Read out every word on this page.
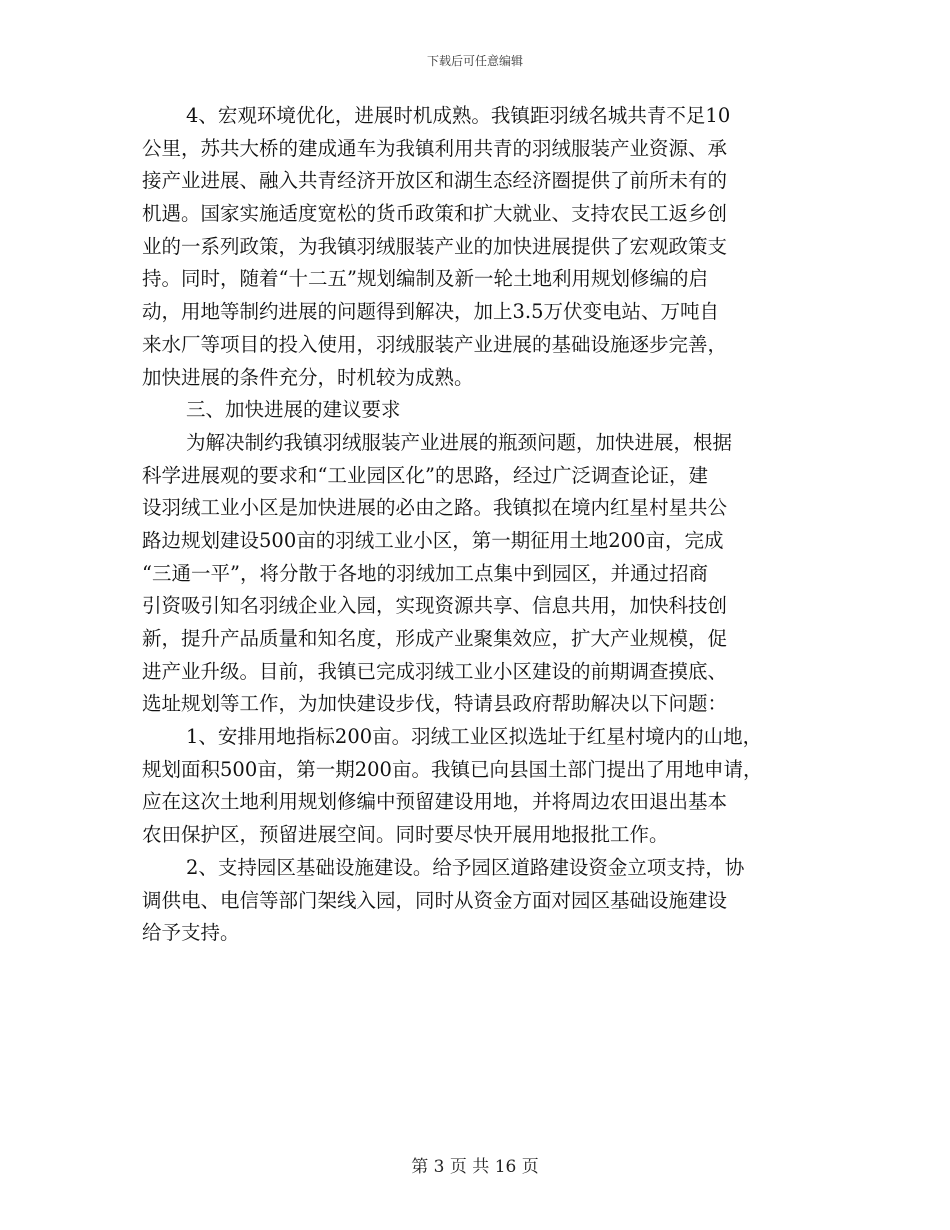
下载后可任意编辑
4、宏观环境优化，进展时机成熟。我镇距羽绒名城共青不足10
公里，苏共大桥的建成通车为我镇利用共青的羽绒服装产业资源、承
接产业进展、融入共青经济开放区和湖生态经济圈提供了前所未有的
机遇。国家实施适度宽松的货币政策和扩大就业、支持农民工返乡创
业的一系列政策，为我镇羽绒服装产业的加快进展提供了宏观政策支
持。同时，随着“十二五”规划编制及新一轮土地利用规划修编的启
动，用地等制约进展的问题得到解决，加上3.5万伏变电站、万吨自
来水厂等项目的投入使用，羽绒服装产业进展的基础设施逐步完善，
加快进展的条件充分，时机较为成熟。
三、加快进展的建议要求
为解决制约我镇羽绒服装产业进展的瓶颈问题，加快进展，根据
科学进展观的要求和“工业园区化”的思路，经过广泛调查论证，建
设羽绒工业小区是加快进展的必由之路。我镇拟在境内红星村星共公
路边规划建设500亩的羽绒工业小区，第一期征用土地200亩，完成
“三通一平”，将分散于各地的羽绒加工点集中到园区，并通过招商
引资吸引知名羽绒企业入园，实现资源共享、信息共用，加快科技创
新，提升产品质量和知名度，形成产业聚集效应，扩大产业规模，促
进产业升级。目前，我镇已完成羽绒工业小区建设的前期调查摸底、
选址规划等工作，为加快建设步伐，特请县政府帮助解决以下问题：
1、安排用地指标200亩。羽绒工业区拟选址于红星村境内的山地，
规划面积500亩，第一期200亩。我镇已向县国土部门提出了用地申请，
应在这次土地利用规划修编中预留建设用地，并将周边农田退出基本
农田保护区，预留进展空间。同时要尽快开展用地报批工作。
2、支持园区基础设施建设。给予园区道路建设资金立项支持，协
调供电、电信等部门架线入园，同时从资金方面对园区基础设施建设
给予支持。
第 3 页 共 16 页
